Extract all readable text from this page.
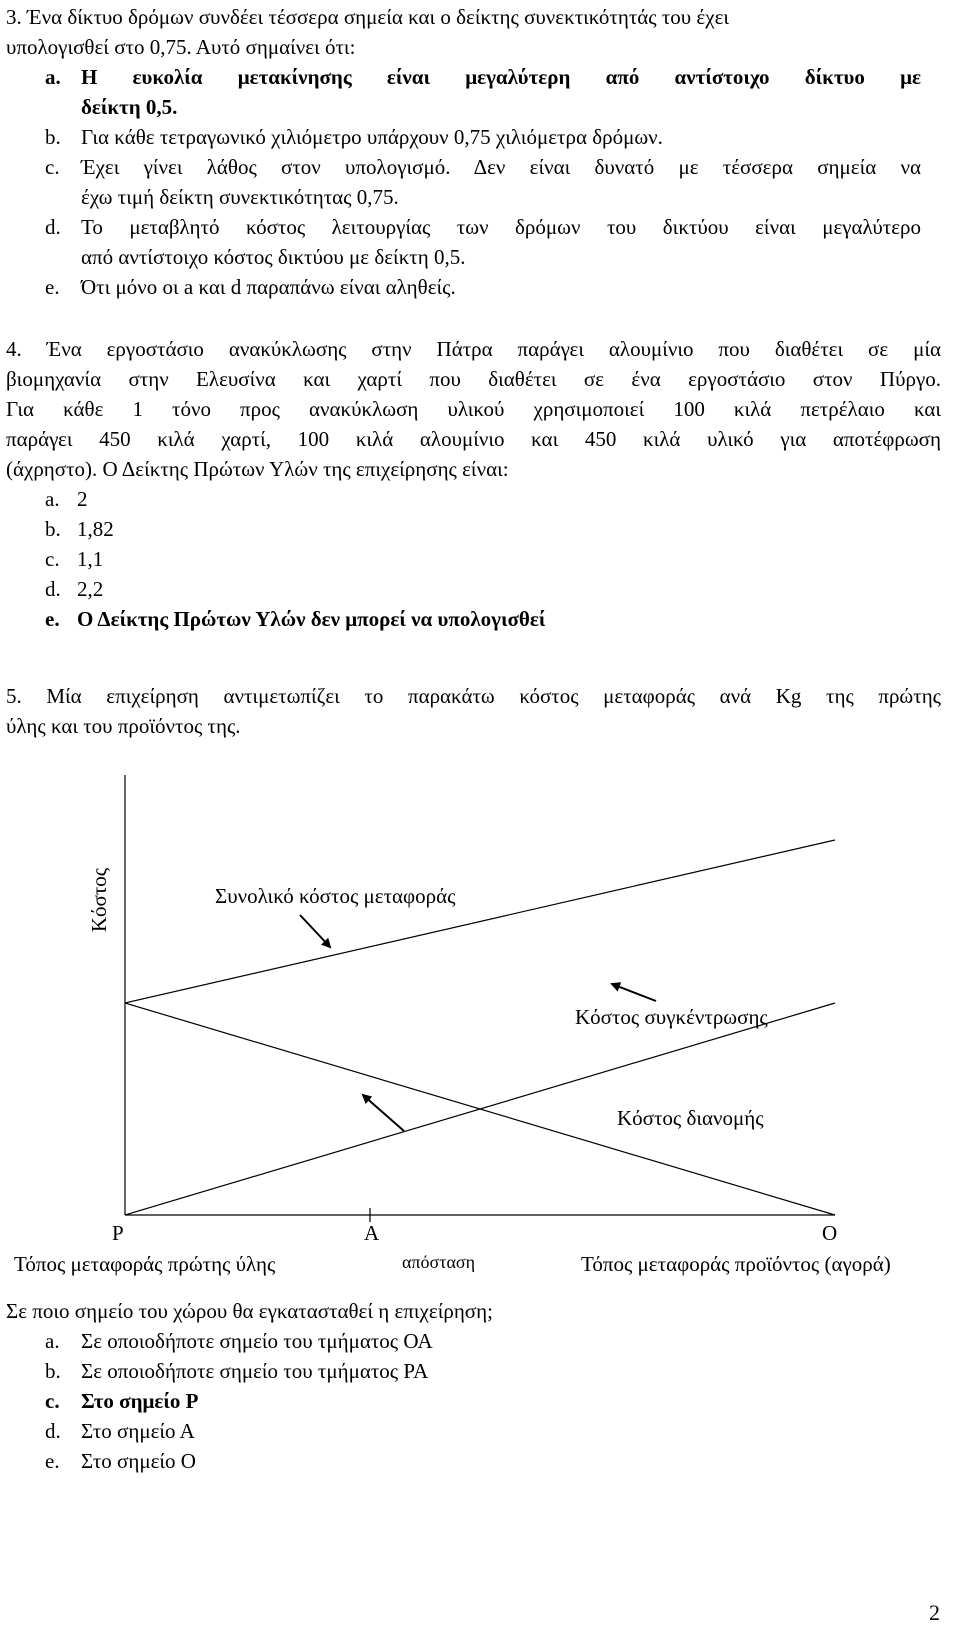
3. Ένα δίκτυο δρόμων συνδέει τέσσερα σημεία και ο δείκτης συνεκτικότητάς του έχει
υπολογισθεί στο 0,75. Αυτό σημαίνει ότι:
a. Η ευκολία μετακίνησης είναι μεγαλύτερη από αντίστοιχο δίκτυο με
δείκτη 0,5.
b. Για κάθε τετραγωνικό χιλιόμετρο υπάρχουν 0,75 χιλιόμετρα δρόμων.
c.	Έχει γίνει λάθος στον υπολογισμό. Δεν είναι δυνατό με τέσσερα σημεία να
έχω τιμή δείκτη συνεκτικότητας 0,75.
d. Το μεταβλητό κόστος λειτουργίας των δρόμων του δικτύου είναι μεγαλύτερο
από αντίστοιχο κόστος δικτύου με δείκτη 0,5.
e.	Ότι μόνο οι a και d παραπάνω είναι αληθείς.
4. Ένα εργοστάσιο ανακύκλωσης στην Πάτρα παράγει αλουμίνιο που διαθέτει σε μία
βιομηχανία στην Ελευσίνα και χαρτί που διαθέτει σε ένα εργοστάσιο στον Πύργο.
Για κάθε 1 τόνο προς ανακύκλωση υλικού χρησιμοποιεί 100 κιλά πετρέλαιο και
παράγει 450 κιλά χαρτί, 100 κιλά αλουμίνιο και 450 κιλά υλικό για αποτέφρωση
(άχρηστο). Ο Δείκτης Πρώτων Υλών της επιχείρησης είναι:
a. 2
b. 1,82
c. 1,1
d. 2,2
e. Ο Δείκτης Πρώτων Υλών δεν μπορεί να υπολογισθεί
5. Μία επιχείρηση αντιμετωπίζει το παρακάτω κόστος μεταφοράς ανά Kg της πρώτης
ύλης και του προϊόντος της.
Κόστος	Συνολικό κόστος μεταφοράς
Κόστος συγκέντρωσης
Κόστος διανομής
P	A	O
Τόπος μεταφοράς πρώτης ύλης	απόσταση	Τόπος μεταφοράς προϊόντος (αγορά)
Σε ποιο σημείο του χώρου θα εγκατασταθεί η επιχείρηση;
a. Σε οποιοδήποτε σημείο του τμήματος ΟΑ
b. Σε οποιοδήποτε σημείο του τμήματος ΡΑ
c. Στο σημείο Ρ
d. Στο σημείο Α
e. Στο σημείο Ο
2
